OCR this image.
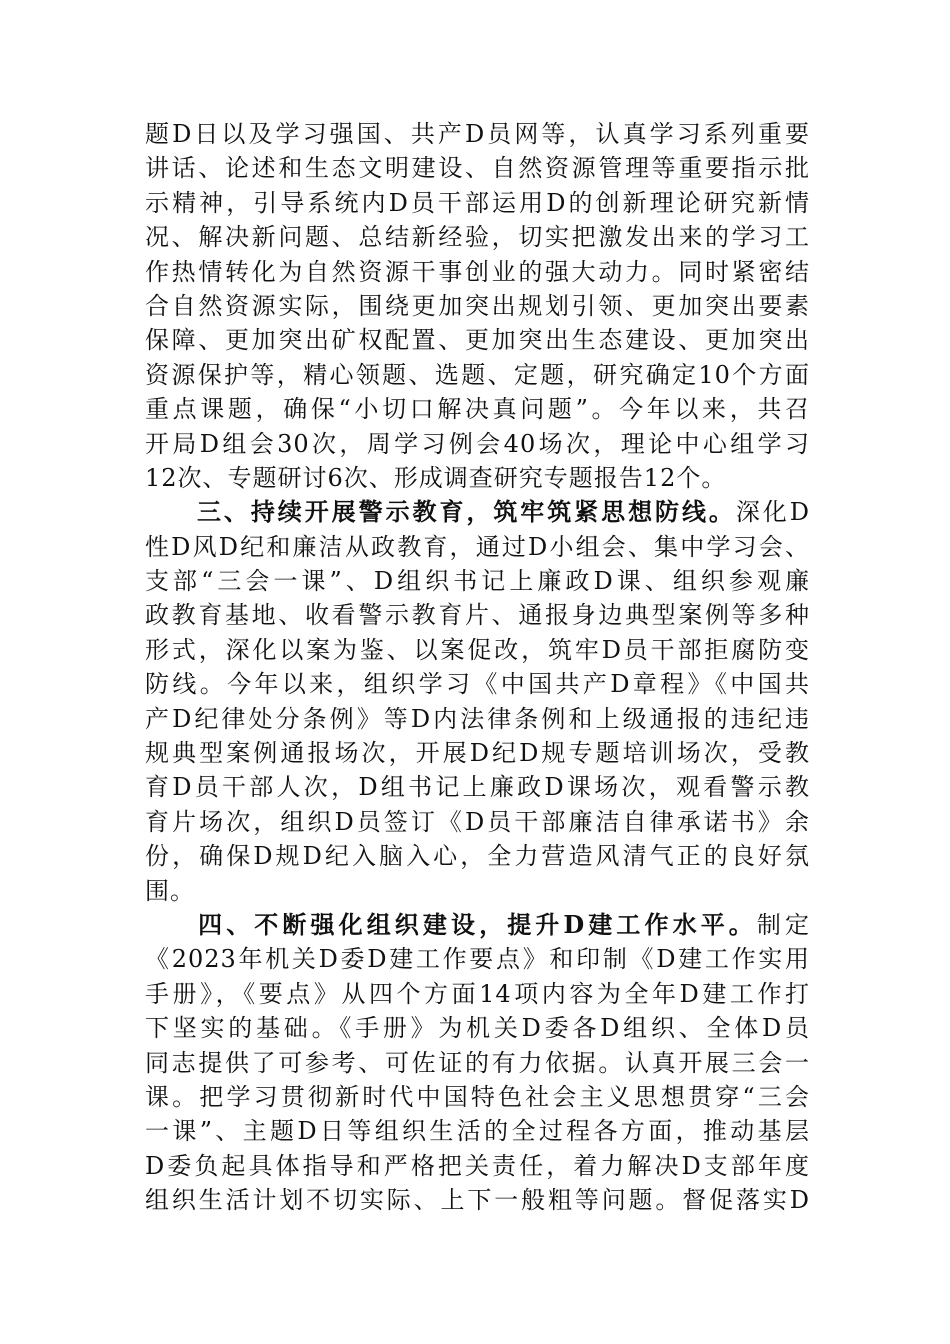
题D日以及学习强国、共产D员网等，认真学习系列重要
讲话、论述和生态文明建设、自然资源管理等重要指示批
示精神，引导系统内D员干部运用D的创新理论研究新情
况、解决新问题、总结新经验，切实把激发出来的学习工
作热情转化为自然资源干事创业的强大动力。同时紧密结
合自然资源实际，围绕更加突出规划引领、更加突出要素
保障、更加突出矿权配置、更加突出生态建设、更加突出
资源保护等，精心领题、选题、定题，研究确定10个方面
重点课题，确保“小切口解决真问题”。今年以来，共召
开局D组会30次，周学习例会40场次，理论中心组学习
12次、专题研讨6次、形成调查研究专题报告12个。
三、持续开展警示教育，筑牢筑紧思想防线。深化D
性D风D纪和廉洁从政教育，通过D小组会、集中学习会、
支部“三会一课”、D组织书记上廉政D课、组织参观廉
政教育基地、收看警示教育片、通报身边典型案例等多种
形式，深化以案为鉴、以案促改，筑牢D员干部拒腐防变
防线。今年以来，组织学习《中国共产D章程》《中国共
产D纪律处分条例》等D内法律条例和上级通报的违纪违
规典型案例通报场次，开展D纪D规专题培训场次，受教
育D员干部人次，D组书记上廉政D课场次，观看警示教
育片场次，组织D员签订《D员干部廉洁自律承诺书》余
份，确保D规D纪入脑入心，全力营造风清气正的良好氛
围。
四、不断强化组织建设，提升D建工作水平。制定
《2023年机关D委D建工作要点》和印制《D建工作实用
手册》，《要点》从四个方面14项内容为全年D建工作打
下坚实的基础。《手册》为机关D委各D组织、全体D员
同志提供了可参考、可佐证的有力依据。认真开展三会一
课。把学习贯彻新时代中国特色社会主义思想贯穿“三会
一课”、主题D日等组织生活的全过程各方面，推动基层
D委负起具体指导和严格把关责任，着力解决D支部年度
组织生活计划不切实际、上下一般粗等问题。督促落实D
